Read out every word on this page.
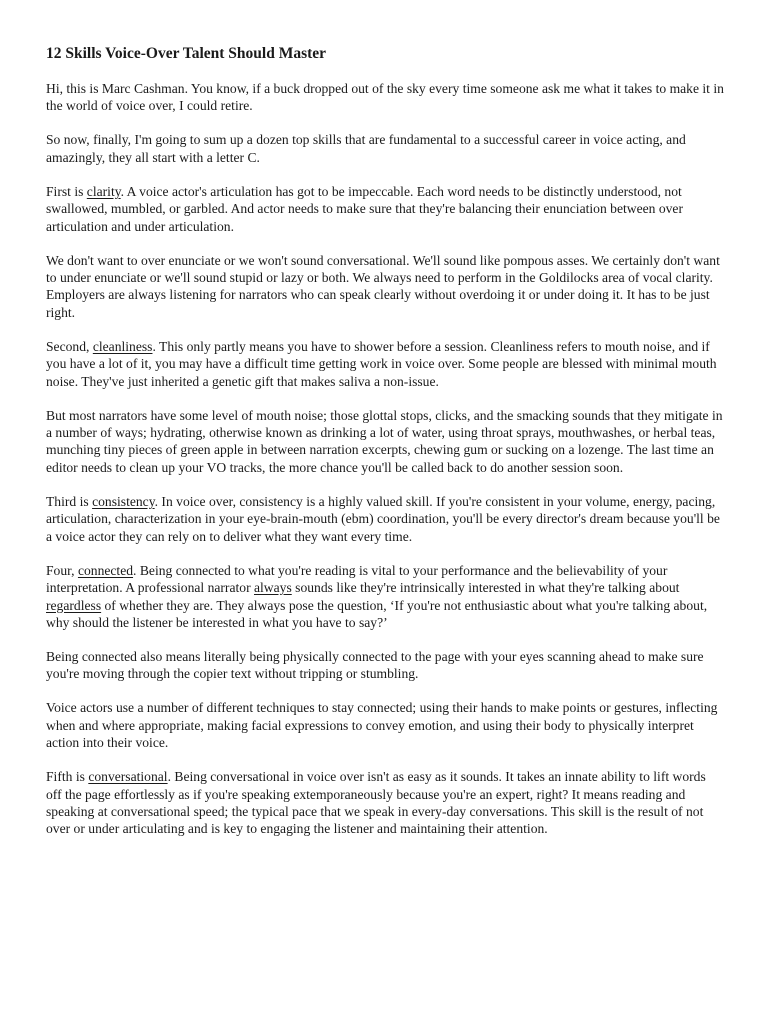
12 Skills Voice-Over Talent Should Master

Hi, this is Marc Cashman. You know, if a buck dropped out of the sky every time someone ask me what it takes to make it in the world of voice over, I could retire.

So now, finally, I'm going to sum up a dozen top skills that are fundamental to a successful career in voice acting, and amazingly, they all start with a letter C.

First is clarity. A voice actor's articulation has got to be impeccable. Each word needs to be distinctly understood, not swallowed, mumbled, or garbled. And actor needs to make sure that they're balancing their enunciation between over articulation and under articulation.

We don't want to over enunciate or we won't sound conversational. We'll sound like pompous asses. We certainly don't want to under enunciate or we'll sound stupid or lazy or both. We always need to perform in the Goldilocks area of vocal clarity. Employers are always listening for narrators who can speak clearly without overdoing it or under doing it. It has to be just right.

Second, cleanliness. This only partly means you have to shower before a session. Cleanliness refers to mouth noise, and if you have a lot of it, you may have a difficult time getting work in voice over. Some people are blessed with minimal mouth noise. They've just inherited a genetic gift that makes saliva a non-issue.

But most narrators have some level of mouth noise; those glottal stops, clicks, and the smacking sounds that they mitigate in a number of ways; hydrating, otherwise known as drinking a lot of water, using throat sprays, mouthwashes, or herbal teas, munching tiny pieces of green apple in between narration excerpts, chewing gum or sucking on a lozenge. The last time an editor needs to clean up your VO tracks, the more chance you'll be called back to do another session soon.

Third is consistency. In voice over, consistency is a highly valued skill. If you're consistent in your volume, energy, pacing, articulation, characterization in your eye-brain-mouth (ebm) coordination, you'll be every director's dream because you'll be a voice actor they can rely on to deliver what they want every time.

Four, connected. Being connected to what you're reading is vital to your performance and the believability of your interpretation. A professional narrator always sounds like they're intrinsically interested in what they're talking about regardless of whether they are. They always pose the question, ‘If you're not enthusiastic about what you're talking about, why should the listener be interested in what you have to say?’

Being connected also means literally being physically connected to the page with your eyes scanning ahead to make sure you're moving through the copier text without tripping or stumbling.

Voice actors use a number of different techniques to stay connected; using their hands to make points or gestures, inflecting when and where appropriate, making facial expressions to convey emotion, and using their body to physically interpret action into their voice.

Fifth is conversational. Being conversational in voice over isn't as easy as it sounds. It takes an innate ability to lift words off the page effortlessly as if you're speaking extemporaneously because you're an expert, right? It means reading and speaking at conversational speed; the typical pace that we speak in every-day conversations. This skill is the result of not over or under articulating and is key to engaging the listener and maintaining their attention.
